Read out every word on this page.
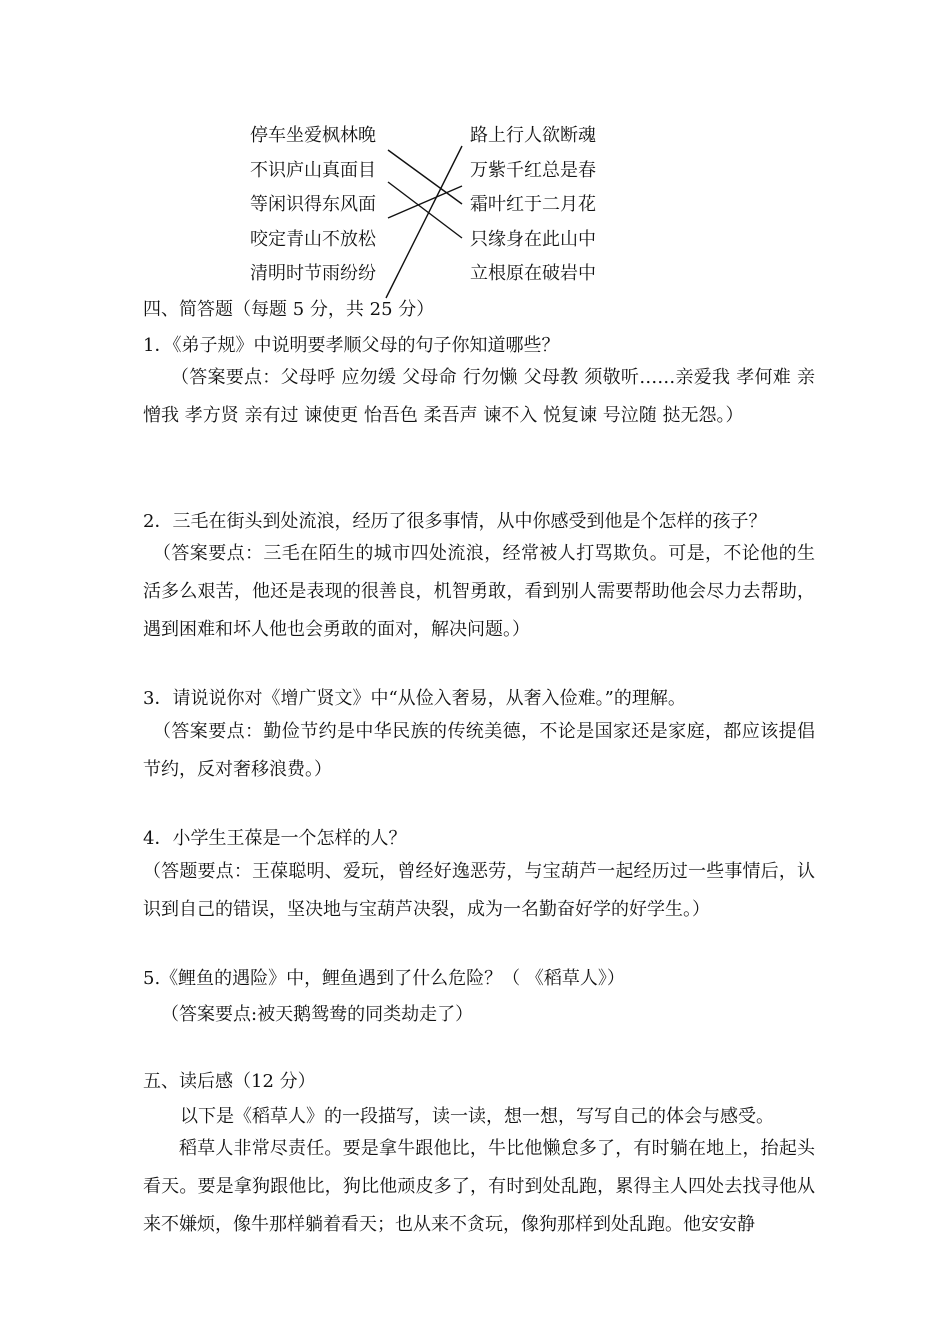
停车坐爱枫林晚
不识庐山真面目
等闲识得东风面
咬定青山不放松
清明时节雨纷纷
路上行人欲断魂
万紫千红总是春
霜叶红于二月花
只缘身在此山中
立根原在破岩中
四、简答题（每题 5 分，共 25 分）
1．《弟子规》中说明要孝顺父母的句子你知道哪些？
（答案要点：父母呼 应勿缓 父母命 行勿懒 父母教 须敬听……亲爱我 孝何难 亲憎我 孝方贤 亲有过 谏使更 怡吾色 柔吾声 谏不入 悦复谏 号泣随 挞无怨。）
2．三毛在街头到处流浪，经历了很多事情，从中你感受到他是个怎样的孩子？
（答案要点：三毛在陌生的城市四处流浪，经常被人打骂欺负。可是，不论他的生活多么艰苦，他还是表现的很善良，机智勇敢，看到别人需要帮助他会尽力去帮助，遇到困难和坏人他也会勇敢的面对，解决问题。）
3．请说说你对《增广贤文》中“从俭入奢易，从奢入俭难。”的理解。
（答案要点：勤俭节约是中华民族的传统美德，不论是国家还是家庭，都应该提倡节约，反对奢移浪费。）
4．小学生王葆是一个怎样的人？
（答题要点：王葆聪明、爱玩，曾经好逸恶劳，与宝葫芦一起经历过一些事情后，认识到自己的错误，坚决地与宝葫芦决裂，成为一名勤奋好学的好学生。）
5.《鲤鱼的遇险》中，鲤鱼遇到了什么危险？（ 《稻草人》）
（答案要点:被天鹅鸳鸯的同类劫走了）
五、读后感（12 分）
以下是《稻草人》的一段描写，读一读，想一想，写写自己的体会与感受。
稻草人非常尽责任。要是拿牛跟他比，牛比他懒怠多了，有时躺在地上，抬起头看天。要是拿狗跟他比，狗比他顽皮多了，有时到处乱跑，累得主人四处去找寻他从来不嫌烦，像牛那样躺着看天；也从来不贪玩，像狗那样到处乱跑。他安安静
